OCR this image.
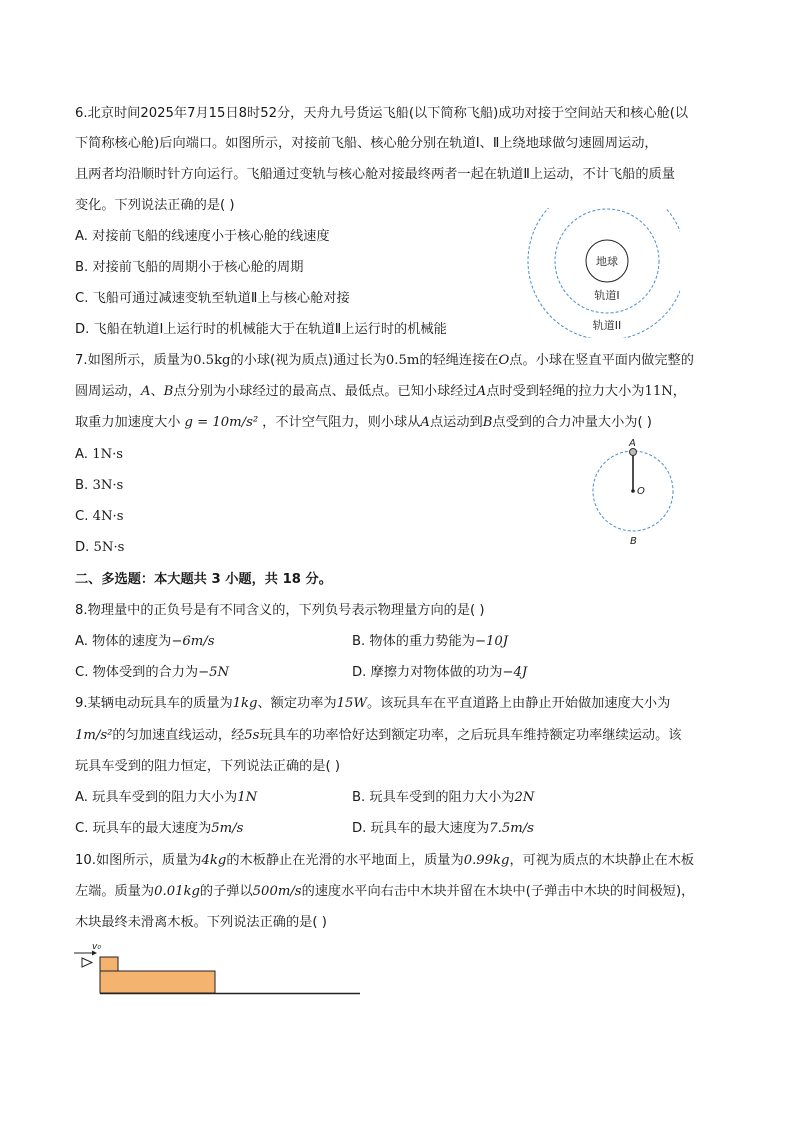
6.北京时间2025年7月15日8时52分，天舟九号货运飞船(以下简称飞船)成功对接于空间站天和核心舱(以
下简称核心舱)后向端口。如图所示，对接前飞船、核心舱分别在轨道Ⅰ、Ⅱ上绕地球做匀速圆周运动，
且两者均沿顺时针方向运行。飞船通过变轨与核心舱对接最终两者一起在轨道Ⅱ上运动，不计飞船的质量
变化。下列说法正确的是( )
A. 对接前飞船的线速度小于核心舱的线速度
B. 对接前飞船的周期小于核心舱的周期
C. 飞船可通过减速变轨至轨道Ⅱ上与核心舱对接
D. 飞船在轨道Ⅰ上运行时的机械能大于在轨道Ⅱ上运行时的机械能
地球
轨道I
轨道II
7.如图所示，质量为0.5kg的小球(视为质点)通过长为0.5m的轻绳连接在O点。小球在竖直平面内做完整的
圆周运动，A、B点分别为小球经过的最高点、最低点。已知小球经过A点时受到轻绳的拉力大小为11N，
取重力加速度大小 g = 10m/s² ，不计空气阻力，则小球从A点运动到B点受到的合力冲量大小为( )
A. 1N·s
B. 3N·s
C. 4N·s
D. 5N·s
A
O
B
二、多选题：本大题共 3 小题，共 18 分。
8.物理量中的正负号是有不同含义的，下列负号表示物理量方向的是( )
A. 物体的速度为−6m/s	B. 物体的重力势能为−10J
C. 物体受到的合力为−5N	D. 摩擦力对物体做的功为−4J
9.某辆电动玩具车的质量为1kg、额定功率为15W。该玩具车在平直道路上由静止开始做加速度大小为
1m/s²的匀加速直线运动，经5s玩具车的功率恰好达到额定功率，之后玩具车维持额定功率继续运动。该
玩具车受到的阻力恒定，下列说法正确的是( )
A. 玩具车受到的阻力大小为1N	B. 玩具车受到的阻力大小为2N
C. 玩具车的最大速度为5m/s	D. 玩具车的最大速度为7.5m/s
10.如图所示，质量为4kg的木板静止在光滑的水平地面上，质量为0.99kg，可视为质点的木块静止在木板
左端。质量为0.01kg的子弹以500m/s的速度水平向右击中木块并留在木块中(子弹击中木块的时间极短)，
木块最终未滑离木板。下列说法正确的是( )
v₀
